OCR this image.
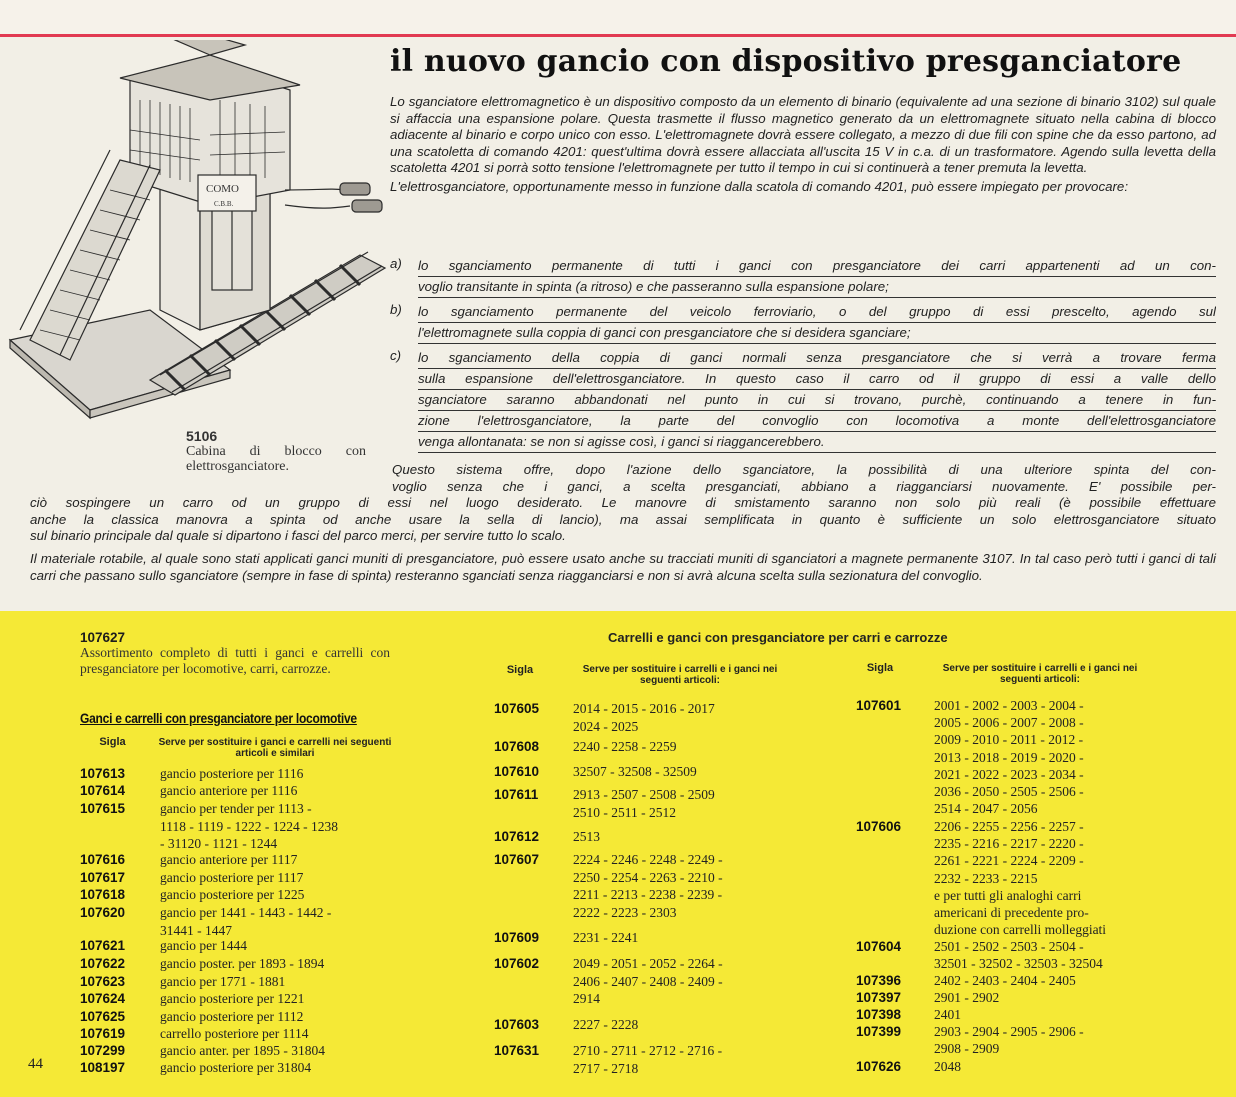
COMO
C.B.B.
5106
Cabina di blocco con elettrosganciatore.
il nuovo gancio con dispositivo presganciatore

Lo sganciatore elettromagnetico è un dispositivo composto da un elemento di binario (equivalente ad una sezione di binario 3102) sul quale si affaccia una espansione polare. Questa trasmette il flusso magnetico generato da un elettromagnete situato nella cabina di blocco adiacente al binario e corpo unico con esso. L'elettromagnete dovrà essere collegato, a mezzo di due fili con spine che da esso partono, ad una scatoletta di comando 4201: quest'ultima dovrà essere allacciata all'uscita 15 V in c.a. di un trasformatore. Agendo sulla levetta della scatoletta 4201 si porrà sotto tensione l'elettromagnete per tutto il tempo in cui si continuerà a tener premuta la levetta.

L'elettrosganciatore, opportunamente messo in funzione dalla scatola di comando 4201, può essere impiegato per provocare:

a) lo sganciamento permanente di tutti i ganci con presganciatore dei carri appartenenti ad un con-
voglio transitante in spinta (a ritroso) e che passeranno sulla espansione polare;
b) lo sganciamento permanente del veicolo ferroviario, o del gruppo di essi prescelto, agendo sul
l'elettromagnete sulla coppia di ganci con presganciatore che si desidera sganciare;
c) lo sganciamento della coppia di ganci normali senza presganciatore che si verrà a trovare ferma
sulla espansione dell'elettrosganciatore. In questo caso il carro od il gruppo di essi a valle dello
sganciatore saranno abbandonati nel punto in cui si trovano, purchè, continuando a tenere in fun-
zione l'elettrosganciatore, la parte del convoglio con locomotiva a monte dell'elettrosganciatore
venga allontanata: se non si agisse così, i ganci si riaggancerebbero.
Questo sistema offre, dopo l'azione dello sganciatore, la possibilità di una ulteriore spinta del con-
voglio senza che i ganci, a scelta presganciati, abbiano a riagganciarsi nuovamente. E' possibile per-
ciò sospingere un carro od un gruppo di essi nel luogo desiderato. Le manovre di smistamento saranno non solo più reali (è possibile effettuare
anche la classica manovra a spinta od anche usare la sella di lancio), ma assai semplificata in quanto è sufficiente un solo elettrosganciatore situato
sul binario principale dal quale si dipartono i fasci del parco merci, per servire tutto lo scalo.
Il materiale rotabile, al quale sono stati applicati ganci muniti di presganciatore, può essere usato anche su tracciati muniti di sganciatori a magnete permanente 3107. In tal caso però tutti i ganci di tali carri che passano sullo sganciatore (sempre in fase di spinta) resteranno sganciati senza riagganciarsi e non si avrà alcuna scelta sulla sezionatura del convoglio.
107627
Assortimento completo di tutti i ganci e carrelli con presganciatore per locomotive, carri, carrozze.
Ganci e carrelli con presganciatore per locomotive
Sigla	Serve per sostituire i ganci e carrelli nei seguenti articoli e similari
107613	gancio posteriore per 1116
107614	gancio anteriore per 1116
107615	gancio per tender per 1113 -
1118 - 1119 - 1222 - 1224 - 1238
- 31120 - 1121 - 1244
107616	gancio anteriore per 1117
107617	gancio posteriore per 1117
107618	gancio posteriore per 1225
107620	gancio per 1441 - 1443 - 1442 -
31441 - 1447
107621	gancio per 1444
107622	gancio poster. per 1893 - 1894
107623	gancio per 1771 - 1881
107624	gancio posteriore per 1221
107625	gancio posteriore per 1112
107619	carrello posteriore per 1114
107299	gancio anter. per 1895 - 31804
108197	gancio posteriore per 31804
Carrelli e ganci con presganciatore per carri e carrozze
Sigla	Serve per sostituire i carrelli e i ganci nei seguenti articoli:
Sigla	Serve per sostituire i carrelli e i ganci nei seguenti articoli:
107605	2014 - 2015 - 2016 - 2017
2024 - 2025
107608	2240 - 2258 - 2259
107610	32507 - 32508 - 32509
107611	2913 - 2507 - 2508 - 2509
2510 - 2511 - 2512
107612	2513
107607	2224 - 2246 - 2248 - 2249 -
2250 - 2254 - 2263 - 2210 -
2211 - 2213 - 2238 - 2239 -
2222 - 2223 - 2303
107609	2231 - 2241
107602	2049 - 2051 - 2052 - 2264 -
2406 - 2407 - 2408 - 2409 -
2914
107603	2227 - 2228
107631	2710 - 2711 - 2712 - 2716 -
2717 - 2718
107601 2001 - 2002 - 2003 - 2004 -
2005 - 2006 - 2007 - 2008 -
2009 - 2010 - 2011 - 2012 -
2013 - 2018 - 2019 - 2020 -
2021 - 2022 - 2023 - 2034 -
2036 - 2050 - 2505 - 2506 -
2514 - 2047 - 2056
107606 2206 - 2255 - 2256 - 2257 -
2235 - 2216 - 2217 - 2220 -
2261 - 2221 - 2224 - 2209 -
2232 - 2233 - 2215
e per tutti gli analoghi carri
americani di precedente pro-
duzione con carrelli molleggiati
107604 2501 - 2502 - 2503 - 2504 -
32501 - 32502 - 32503 - 32504
107396 2402 - 2403 - 2404 - 2405
107397 2901 - 2902
107398 2401
107399 2903 - 2904 - 2905 - 2906 -
2908 - 2909
107626 2048
44
